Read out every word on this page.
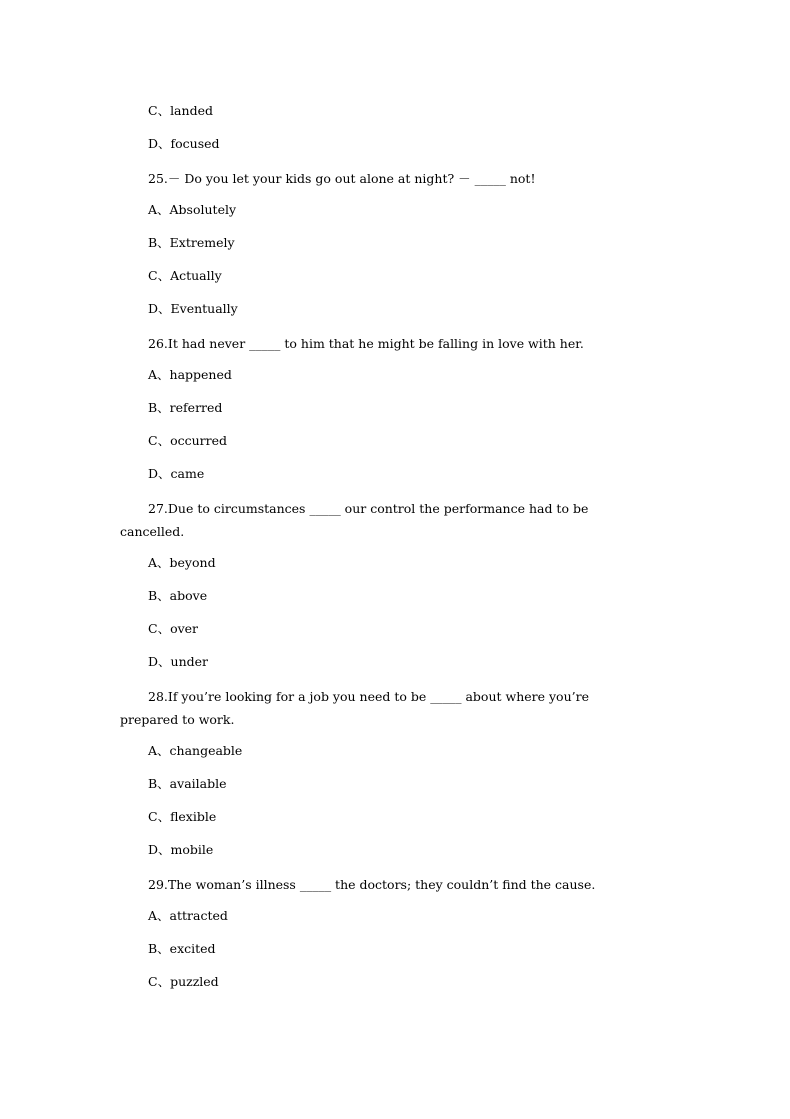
C、landed
D、focused
25.－ Do you let your kids go out alone at night? － _____ not!
A、Absolutely
B、Extremely
C、Actually
D、Eventually
26.It had never _____ to him that he might be falling in love with her.
A、happened
B、referred
C、occurred
D、came
27.Due to circumstances _____ our control the performance had to be
cancelled.
A、beyond
B、above
C、over
D、under
28.If you’re looking for a job you need to be _____ about where you’re
prepared to work.
A、changeable
B、available
C、flexible
D、mobile
29.The woman’s illness _____ the doctors; they couldn’t find the cause.
A、attracted
B、excited
C、puzzled
